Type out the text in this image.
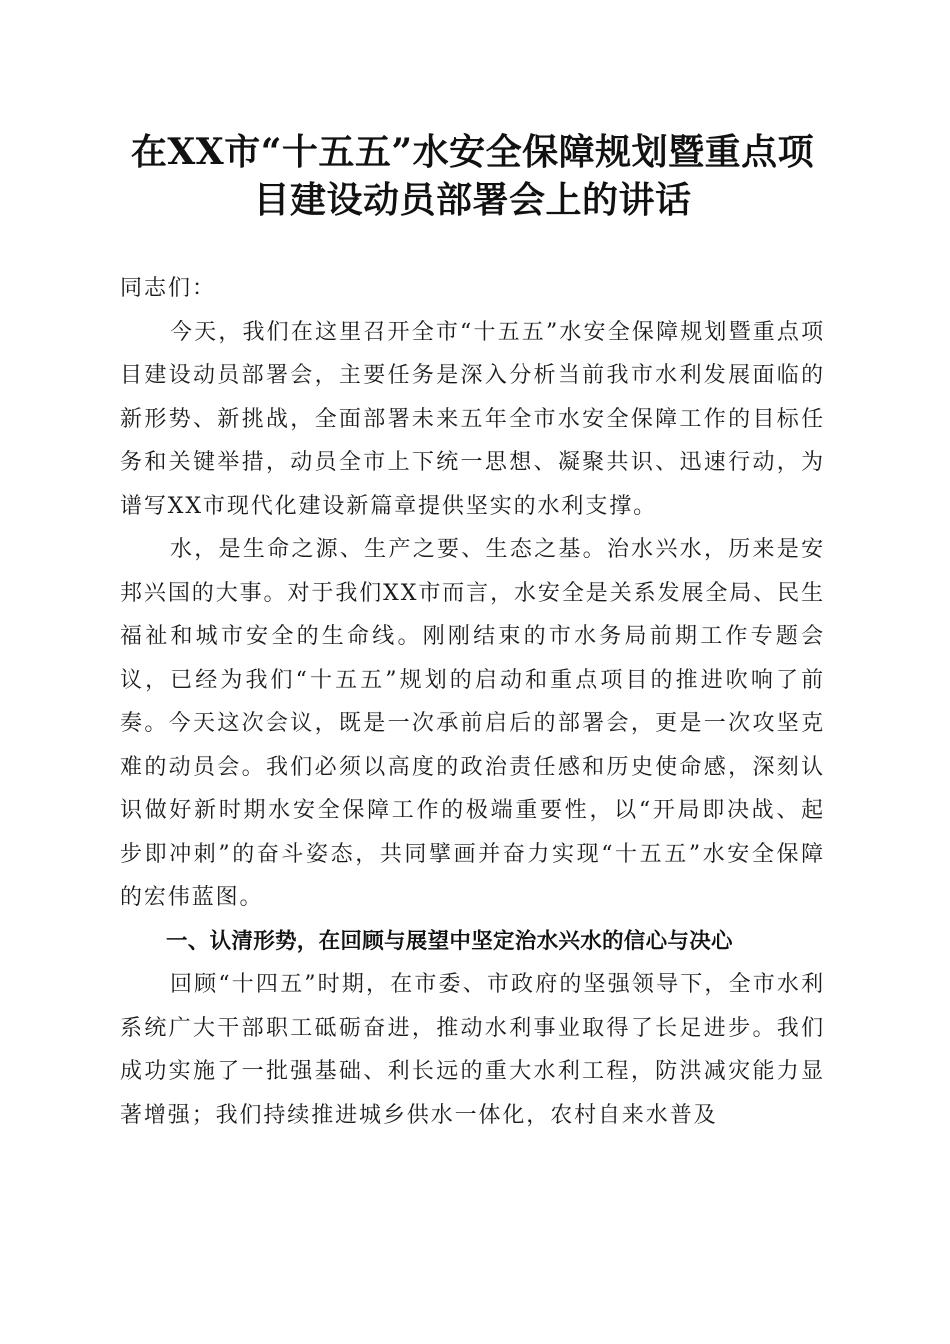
在XX市“十五五”水安全保障规划暨重点项
目建设动员部署会上的讲话

同志们：

今天，我们在这里召开全市“十五五”水安全保障规划暨重点项目建设动员部署会，主要任务是深入分析当前我市水利发展面临的新形势、新挑战，全面部署未来五年全市水安全保障工作的目标任务和关键举措，动员全市上下统一思想、凝聚共识、迅速行动，为谱写XX市现代化建设新篇章提供坚实的水利支撑。

水，是生命之源、生产之要、生态之基。治水兴水，历来是安邦兴国的大事。对于我们XX市而言，水安全是关系发展全局、民生福祉和城市安全的生命线。刚刚结束的市水务局前期工作专题会议，已经为我们“十五五”规划的启动和重点项目的推进吹响了前奏。今天这次会议，既是一次承前启后的部署会，更是一次攻坚克难的动员会。我们必须以高度的政治责任感和历史使命感，深刻认识做好新时期水安全保障工作的极端重要性，以“开局即决战、起步即冲刺”的奋斗姿态，共同擘画并奋力实现“十五五”水安全保障的宏伟蓝图。

一、认清形势，在回顾与展望中坚定治水兴水的信心与决心

回顾“十四五”时期，在市委、市政府的坚强领导下，全市水利系统广大干部职工砥砺奋进，推动水利事业取得了长足进步。我们成功实施了一批强基础、利长远的重大水利工程，防洪减灾能力显著增强；我们持续推进城乡供水一体化，农村自来水普及
